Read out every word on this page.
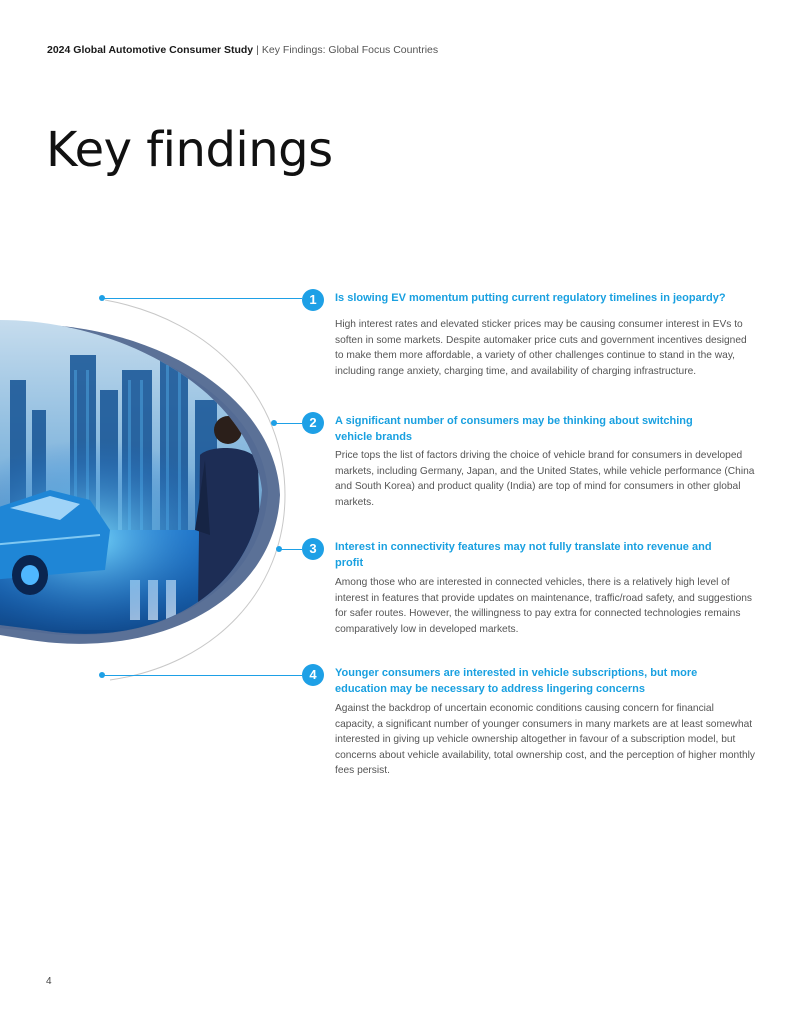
2024 Global Automotive Consumer Study | Key Findings: Global Focus Countries
Key findings
1	Is slowing EV momentum putting current regulatory timelines in jeopardy?
High interest rates and elevated sticker prices may be causing consumer interest in EVs to soften in some markets. Despite automaker price cuts and government incentives designed to make them more affordable, a variety of other challenges continue to stand in the way, including range anxiety, charging time, and availability of charging infrastructure.
2	A significant number of consumers may be thinking about switching vehicle brands
Price tops the list of factors driving the choice of vehicle brand for consumers in developed markets, including Germany, Japan, and the United States, while vehicle performance (China and South Korea) and product quality (India) are top of mind for consumers in other global markets.
3	Interest in connectivity features may not fully translate into revenue and profit
Among those who are interested in connected vehicles, there is a relatively high level of interest in features that provide updates on maintenance, traffic/road safety, and suggestions for safer routes. However, the willingness to pay extra for connected technologies remains comparatively low in developed markets.
4	Younger consumers are interested in vehicle subscriptions, but more education may be necessary to address lingering concerns
Against the backdrop of uncertain economic conditions causing concern for financial capacity, a significant number of younger consumers in many markets are at least somewhat interested in giving up vehicle ownership altogether in favour of a subscription model, but concerns about vehicle availability, total ownership cost, and the perception of higher monthly fees persist.
4
